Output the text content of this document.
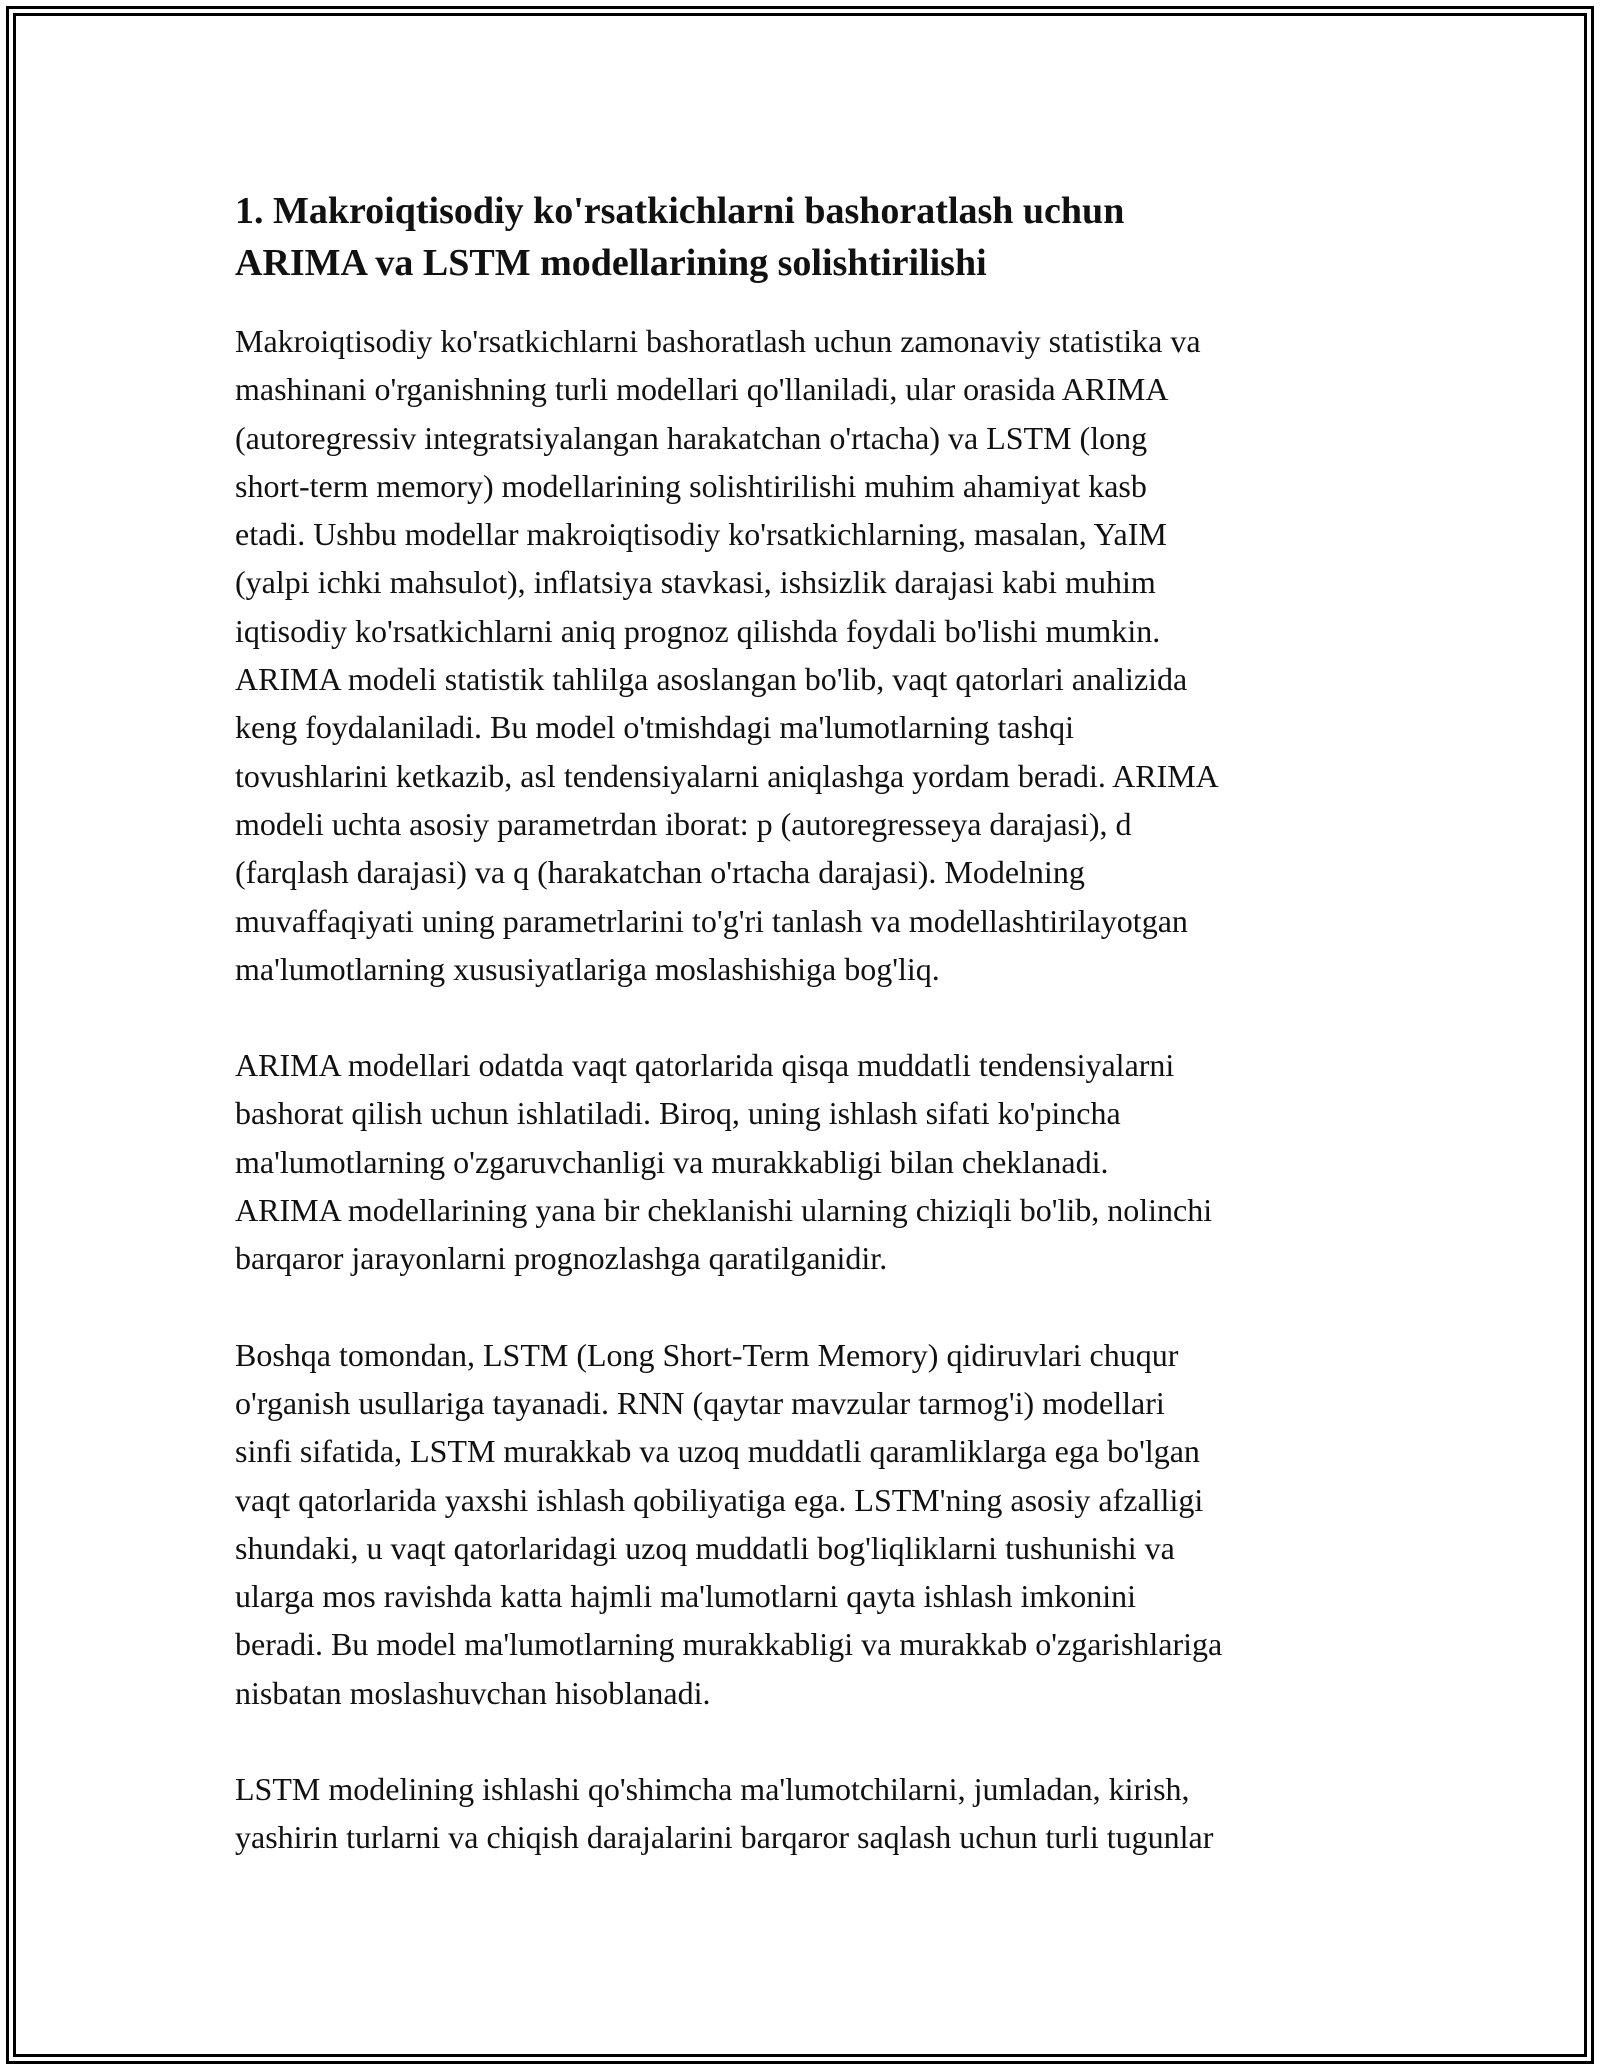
1. Makroiqtisodiy ko'rsatkichlarni bashoratlash uchun
ARIMA va LSTM modellarining solishtirilishi

Makroiqtisodiy ko'rsatkichlarni bashoratlash uchun zamonaviy statistika va
mashinani o'rganishning turli modellari qo'llaniladi, ular orasida ARIMA
(autoregressiv integratsiyalangan harakatchan o'rtacha) va LSTM (long
short-term memory) modellarining solishtirilishi muhim ahamiyat kasb
etadi. Ushbu modellar makroiqtisodiy ko'rsatkichlarning, masalan, YaIM
(yalpi ichki mahsulot), inflatsiya stavkasi, ishsizlik darajasi kabi muhim
iqtisodiy ko'rsatkichlarni aniq prognoz qilishda foydali bo'lishi mumkin.
ARIMA modeli statistik tahlilga asoslangan bo'lib, vaqt qatorlari analizida
keng foydalaniladi. Bu model o'tmishdagi ma'lumotlarning tashqi
tovushlarini ketkazib, asl tendensiyalarni aniqlashga yordam beradi. ARIMA
modeli uchta asosiy parametrdan iborat: p (autoregresseya darajasi), d
(farqlash darajasi) va q (harakatchan o'rtacha darajasi). Modelning
muvaffaqiyati uning parametrlarini to'g'ri tanlash va modellashtirilayotgan
ma'lumotlarning xususiyatlariga moslashishiga bog'liq.

ARIMA modellari odatda vaqt qatorlarida qisqa muddatli tendensiyalarni
bashorat qilish uchun ishlatiladi. Biroq, uning ishlash sifati ko'pincha
ma'lumotlarning o'zgaruvchanligi va murakkabligi bilan cheklanadi.
ARIMA modellarining yana bir cheklanishi ularning chiziqli bo'lib, nolinchi
barqaror jarayonlarni prognozlashga qaratilganidir.

Boshqa tomondan, LSTM (Long Short-Term Memory) qidiruvlari chuqur
o'rganish usullariga tayanadi. RNN (qaytar mavzular tarmog'i) modellari
sinfi sifatida, LSTM murakkab va uzoq muddatli qaramliklarga ega bo'lgan
vaqt qatorlarida yaxshi ishlash qobiliyatiga ega. LSTM'ning asosiy afzalligi
shundaki, u vaqt qatorlaridagi uzoq muddatli bog'liqliklarni tushunishi va
ularga mos ravishda katta hajmli ma'lumotlarni qayta ishlash imkonini
beradi. Bu model ma'lumotlarning murakkabligi va murakkab o'zgarishlariga
nisbatan moslashuvchan hisoblanadi.

LSTM modelining ishlashi qo'shimcha ma'lumotchilarni, jumladan, kirish,
yashirin turlarni va chiqish darajalarini barqaror saqlash uchun turli tugunlar
